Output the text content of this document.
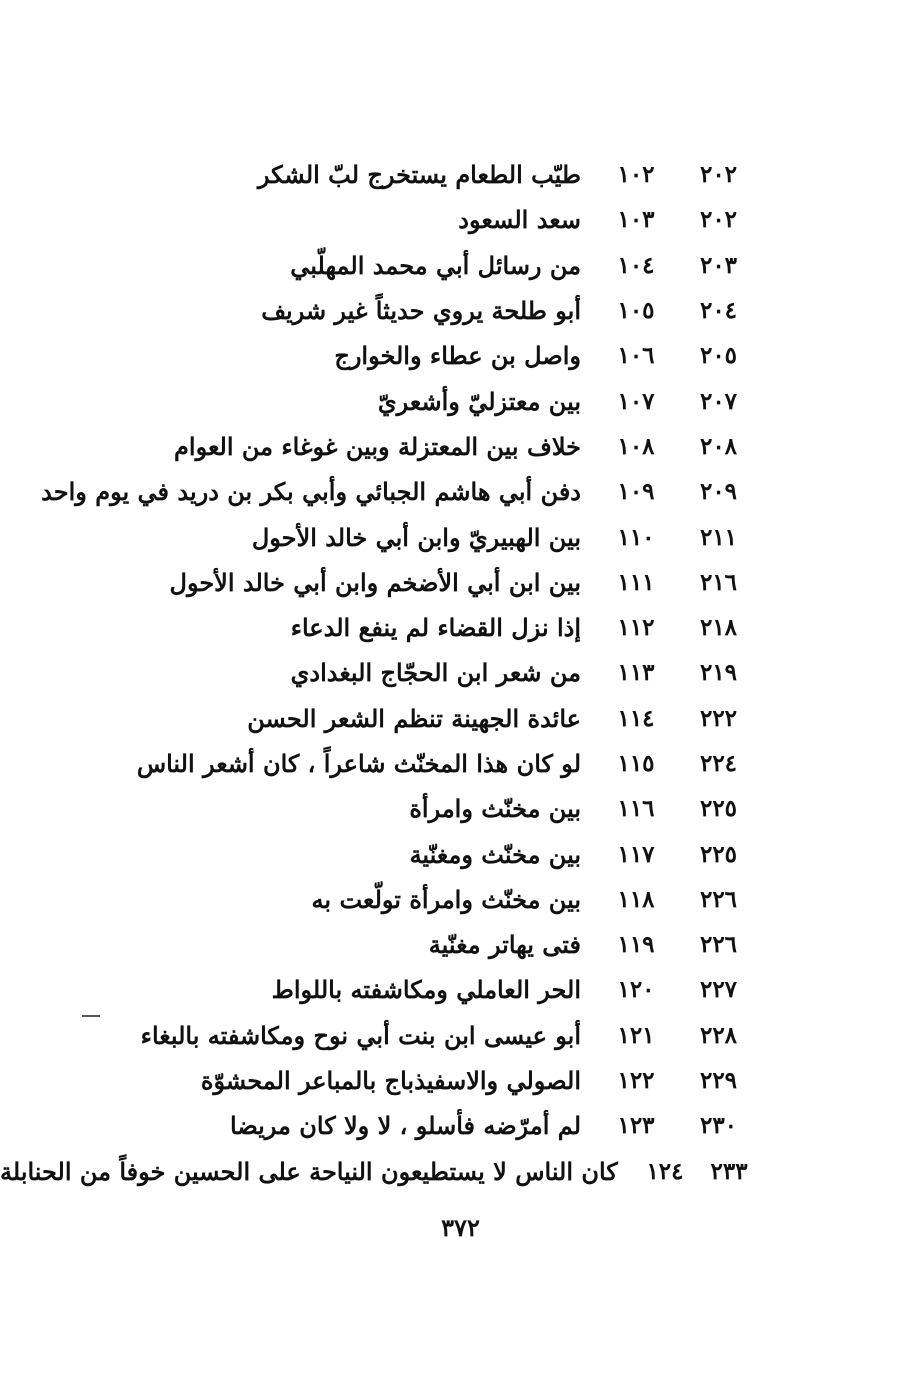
٢٠٢
١٠٢
طيّب الطعام يستخرج لبّ الشكر
٢٠٢
١٠٣
سعد السعود
٢٠٣
١٠٤
من رسائل أبي محمد المهلّبي
٢٠٤
١٠٥
أبو طلحة يروي حديثاً غير شريف
٢٠٥
١٠٦
واصل بن عطاء والخوارج
٢٠٧
١٠٧
بين معتزليّ وأشعريّ
٢٠٨
١٠٨
خلاف بين المعتزلة وبين غوغاء من العوام
٢٠٩
١٠٩
دفن أبي هاشم الجبائي وأبي بكر بن دريد في يوم واحد
٢١١
١١٠
بين الهبيريّ وابن أبي خالد الأحول
٢١٦
١١١
بين ابن أبي الأضخم وابن أبي خالد الأحول
٢١٨
١١٢
إذا نزل القضاء لم ينفع الدعاء
٢١٩
١١٣
من شعر ابن الحجّاج البغدادي
٢٢٢
١١٤
عائدة الجهينة تنظم الشعر الحسن
٢٢٤
١١٥
لو كان هذا المخنّث شاعراً ، كان أشعر الناس
٢٢٥
١١٦
بين مخنّث وامرأة
٢٢٥
١١٧
بين مخنّث ومغنّية
٢٢٦
١١٨
بين مخنّث وامرأة تولّعت به
٢٢٦
١١٩
فتى يهاتر مغنّية
٢٢٧
١٢٠
الحر العاملي ومكاشفته باللواط
٢٢٨
١٢١
أبو عيسى ابن بنت أبي نوح ومكاشفته بالبغاء
٢٢٩
١٢٢
الصولي والاسفيذباج بالمباعر المحشوّة
٢٣٠
١٢٣
لم أمرّضه فأسلو ، لا ولا كان مريضا
٢٣٣
١٢٤
كان الناس لا يستطيعون النياحة على الحسين خوفاً من الحنابلة
٣٧٢
